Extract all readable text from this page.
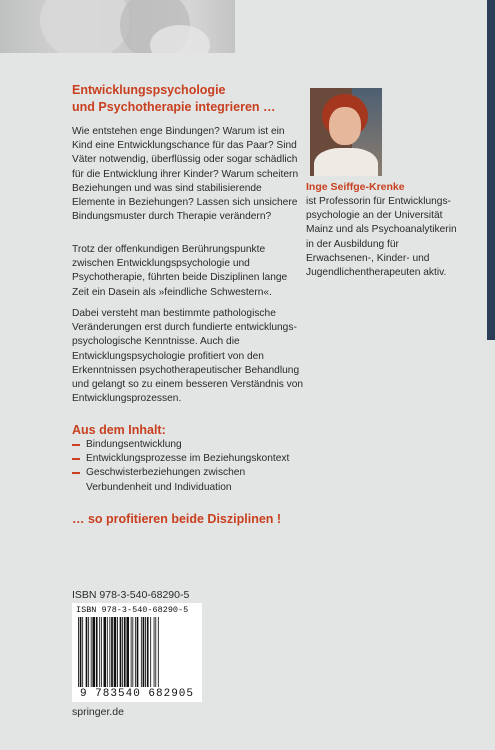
Entwicklungspsychologie
und Psychotherapie integrieren …

Wie entstehen enge Bindungen? Warum ist ein Kind eine Entwicklungschance für das Paar? Sind Väter notwendig, überflüssig oder sogar schädlich für die Entwicklung ihrer Kinder? Warum scheitern Beziehungen und was sind stabilisierende Elemente in Beziehungen? Lassen sich unsichere Bindungsmuster durch Therapie verändern?

Trotz der offenkundigen Berührungspunkte zwischen Entwicklungspsychologie und Psychotherapie, führten beide Disziplinen lange Zeit ein Dasein als »feindliche Schwestern«.

Dabei versteht man bestimmte pathologische Veränderungen erst durch fundierte entwicklungspsychologische Kenntnisse. Auch die Entwicklungspsychologie profitiert von den Erkenntnissen psychotherapeutischer Behandlung und gelangt so zu einem besseren Verständnis von Entwicklungsprozessen.

Aus dem Inhalt:
Bindungsentwicklung
Entwicklungsprozesse im Beziehungskontext
Geschwisterbeziehungen zwischen Verbundenheit und Individuation
… so profitieren beide Disziplinen !
Inge Seiffge-Krenke

ist Professorin für Entwicklungspsychologie an der Universität Mainz und als Psychoanalytikerin in der Ausbildung für Erwachsenen-, Kinder- und Jugendlichentherapeuten aktiv.

ISBN 978-3-540-68290-5
ISBN 978-3-540-68290-5
9 783540 682905
springer.de
